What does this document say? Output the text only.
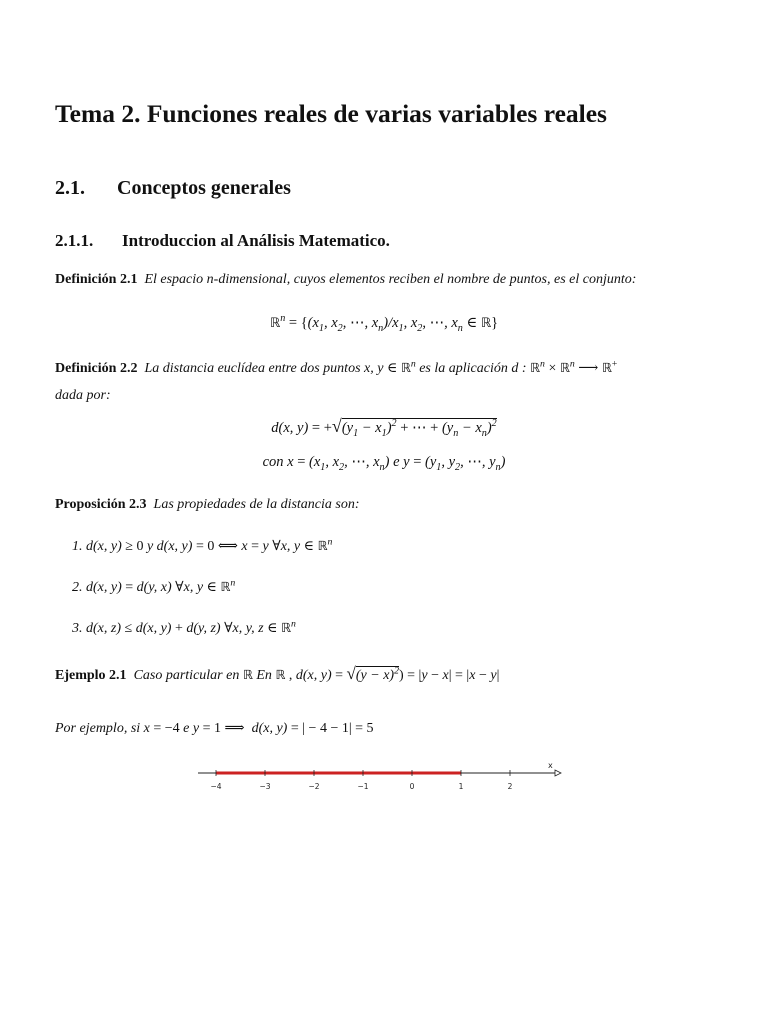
Tema 2. Funciones reales de varias variables reales
2.1. Conceptos generales
2.1.1. Introduccion al Análisis Matematico.
Definición 2.1 El espacio n-dimensional, cuyos elementos reciben el nombre de puntos, es el conjunto:
ℝ$^n$ = {($x_1$, $x_2$, ⋯, $x_n)/x_1$, $x_2$, ⋯, $x_n$ ∈ ℝ}
Definición 2.2 La distancia euclídea entre dos puntos x, y ∈ ℝ$^n$ es la aplicación d : ℝ$^n$ × ℝ$^n$ ⟶ ℝ+
dada por:
d(x, $y) = +√(y_1 - x_1)^2$ + ⋯ + $(y_n - x_n)^2$
con $x = (x_1$, $x_2$, ⋯, $x_n$) e $y = (y_1$, $y_2$, ⋯, $y_n$)
Proposición 2.3 Las propiedades de la distancia son:
1. d(x, y) ≥ 0 y d(x, y) = 0 ⟺ x = y ∀x, y ∈ ℝ$^n$
2. d(x, y) = d(y, x) ∀x, y ∈ ℝ$^n$
3. d(x, z) ≤ d(x, y) + d(y, z) ∀x, y, z ∈ ℝ$^n$
Ejemplo 2.1 Caso particular en ℝ En ℝ , d(x, $y) = √(y - x)^2) = |y - x| = |x - y|$
Por ejemplo, si x = −4 e y = 1 ⟹  d(x, y) = | − 4 − 1| = 5
x
−4	−3	−2	−1	0	1	2
